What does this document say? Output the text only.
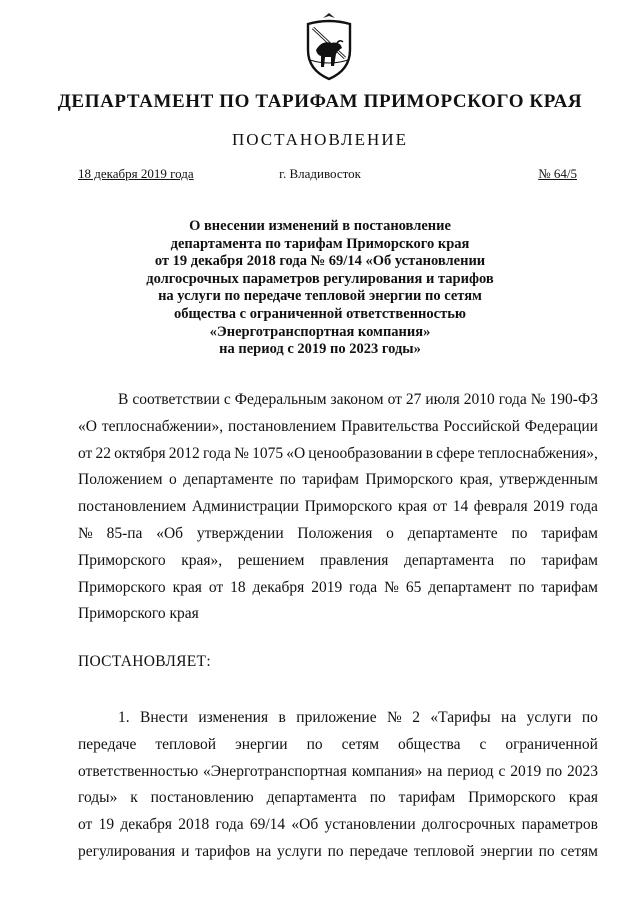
ДЕПАРТАМЕНТ ПО ТАРИФАМ ПРИМОРСКОГО КРАЯ
ПОСТАНОВЛЕНИЕ
18 декабря 2019 года	г. Владивосток	№ 64/5
О внесении изменений в постановление
департамента по тарифам Приморского края
от 19 декабря 2018 года № 69/14 «Об установлении
долгосрочных параметров регулирования и тарифов
на услуги по передаче тепловой энергии по сетям
общества с ограниченной ответственностью
«Энерготранспортная компания»
на период с 2019 по 2023 годы»
В соответствии с Федеральным законом от 27 июля 2010 года № 190-ФЗ
«О теплоснабжении», постановлением Правительства Российской Федерации
от 22 октября 2012 года № 1075 «О ценообразовании в сфере теплоснабжения»,
Положением о департаменте по тарифам Приморского края, утвержденным
постановлением Администрации Приморского края от 14 февраля 2019 года
№ 85-па «Об утверждении Положения о департаменте по тарифам
Приморского края», решением правления департамента по тарифам
Приморского края от 18 декабря 2019 года № 65 департамент по тарифам
Приморского края
ПОСТАНОВЛЯЕТ:
1. Внести изменения в приложение № 2 «Тарифы на услуги по
передаче тепловой энергии по сетям общества с ограниченной
ответственностью «Энерготранспортная компания» на период с 2019 по 2023
годы» к постановлению департамента по тарифам Приморского края
от 19 декабря 2018 года 69/14 «Об установлении долгосрочных параметров
регулирования и тарифов на услуги по передаче тепловой энергии по сетям
